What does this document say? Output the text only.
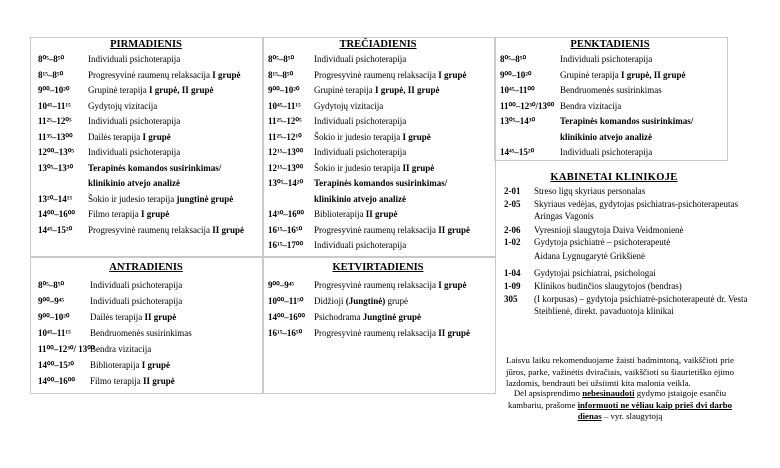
PIRMADIENIS
8⁰⁵–8⁵⁰	Individuali psichoterapija
8¹⁵–8⁵⁰	Progresyvinė raumenų relaksacija I grupė
9⁰⁰–10²⁰ Grupinė terapija I grupė, II grupė
10⁴⁵–11¹⁵ Gydytojų vizitacija
11²⁵–12⁰⁵ Individuali psichoterapija
11³⁵–13⁰⁰ Dailės terapija I grupė
12⁰⁰–13⁰⁵ Individuali psichoterapija
13⁰⁵–13³⁰ Terapinės komandos susirinkimas/
klinikinio atvejo analizė
13²⁰–14¹⁵ Šokio ir judesio terapija jungtinė grupė
14⁰⁰–16⁰⁰ Filmo terapija I grupė
14⁴⁵–15²⁰ Progresyvinė raumenų relaksacija II grupė
TREČIADIENIS
8⁰⁵–8⁵⁰ Individuali psichoterapija
8¹⁵–8⁵⁰ Progresyvinė raumenų relaksacija I grupė
9⁰⁰–10²⁰ Grupinė terapija I grupė, II grupė
10⁴⁵–11¹⁵ Gydytojų vizitacija
11²⁵–12⁰⁵ Individuali psichoterapija
11²⁵–12¹⁰ Šokio ir judesio terapija I grupė
12¹⁵–13⁰⁰ Individuali psichoterapija
12¹⁵–13⁰⁰ Šokio ir judesio terapija II grupė
13⁰⁵–14²⁰ Terapinės komandos susirinkimas/
klinikinio atvejo analizė
14³⁰–16⁰⁰ Biblioterapija II grupė
16¹⁵–16⁵⁰ Progresyvinė raumenų relaksacija II grupė
16¹⁵–17⁰⁰ Individuali psichoterapija
PENKTADIENIS
8⁰⁵–8⁵⁰	Individuali psichoterapija
9⁰⁰–10²⁰	Grupinė terapija I grupė, II grupė
10⁴⁵–11⁰⁰	Bendruomenės susirinkimas
11⁰⁰–12³⁰/13⁰⁰ Bendra vizitacija
13⁰⁵–14³⁰	Terapinės komandos susirinkimas/
klinikinio atvejo analizė
14⁴⁵–15²⁰	Individuali psichoterapija
ANTRADIENIS
8⁰⁵–8⁵⁰	Individuali psichoterapija
9⁰⁰–9⁴⁵	Individuali psichoterapija
9⁰⁰–10²⁰ Dailės terapija II grupė
10⁴⁵–11¹⁵ Bendruomenės susirinkimas
11⁰⁰–12³⁰/ 13⁰⁰
Bendra vizitacija
14⁰⁰–15²⁰ Biblioterapija I grupė
14⁰⁰–16⁰⁰ Filmo terapija II grupė
KETVIRTADIENIS
9⁰⁰–9⁴⁵ Progresyvinė raumenų relaksacija I grupė
10⁰⁰–11⁵⁰ Didžioji (Jungtinė) grupė
14⁰⁰–16⁰⁰ Psichodrama Jungtinė grupė
16¹⁵–16⁵⁰ Progresyvinė raumenų relaksacija II grupė
KABINETAI KLINIKOJE
2-01 Streso ligų skyriaus personalas
2-05 Skyriaus vedėjas, gydytojas psichiatras-psichoterapeutas Aringas Vagonis
2-06 Vyresnioji slaugytoja Daiva Veidmonienė
1-02 Gydytoja psichiatrė – psichoterapeutė
Aidana Lygnugarytė Grikšienė
1-04 Gydytojai psichiatrai, psichologai
1-09 Klinikos budinčios slaugytojos (bendras)
305 (I korpusas) – gydytoja psichiatrė-psichoterapeutė dr. Vesta Steiblienė, direkt. pavaduotoja klinikai
Laisvu laiku rekomenduojame žaisti badmintoną, vaikščioti prie jūros, parke, važinėtis dviračiais, vaikščioti su šiaurietiško ėjimo lazdomis, bendrauti bei užsiimti kita malonia veikla.
Dėl apsisprendimo nebesinaudoti gydymo įstaigoje esančiu kambariu, prašome informuoti ne vėliau kaip prieš dvi darbo dienas – vyr. slaugytoją
